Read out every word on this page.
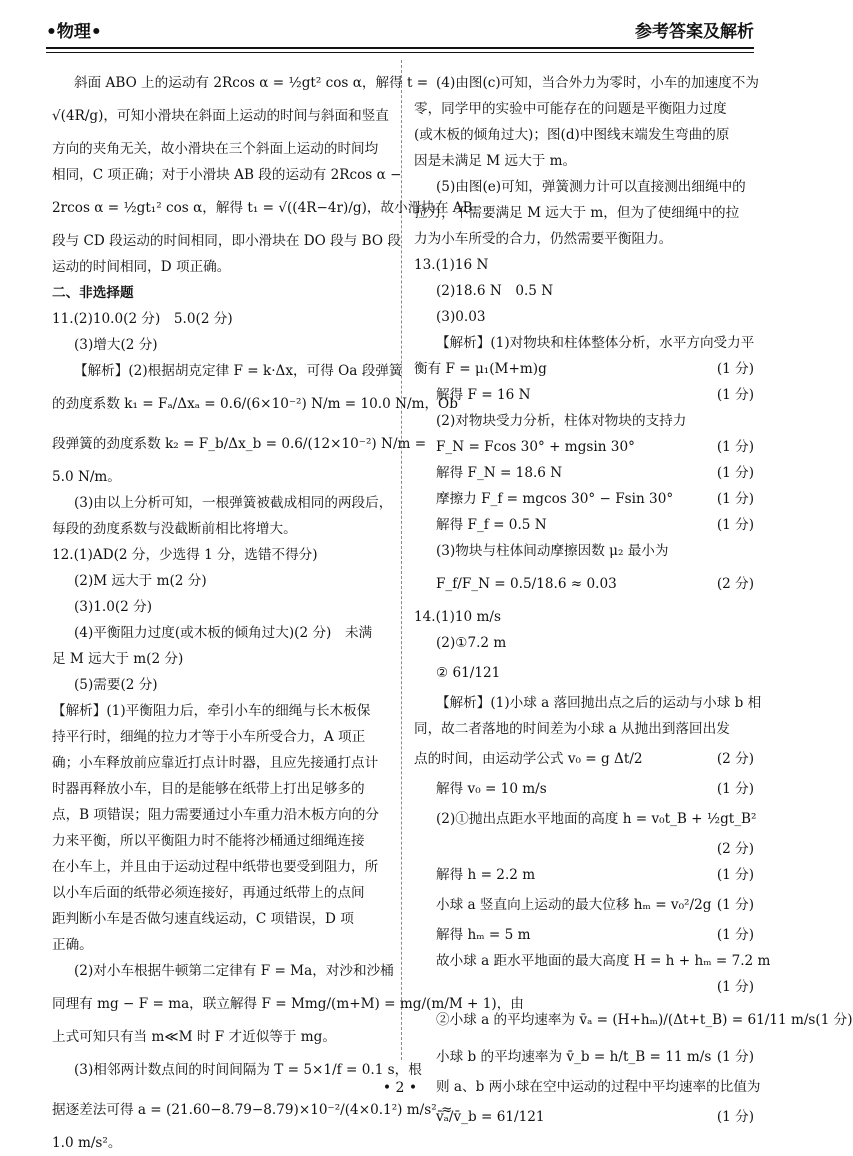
•物理•	参考答案及解析
斜面 ABO 上的运动有 2Rcos α = ½gt² cos α，解得 t =
√(4R/g)，可知小滑块在斜面上运动的时间与斜面和竖直
方向的夹角无关，故小滑块在三个斜面上运动的时间均
相同，C 项正确；对于小滑块 AB 段的运动有 2Rcos α −
2rcos α = ½gt₁² cos α，解得 t₁ = √((4R−4r)/g)，故小滑块在 AB
段与 CD 段运动的时间相同，即小滑块在 DO 段与 BO 段
运动的时间相同，D 项正确。
二、非选择题
11.(2)10.0(2 分)　5.0(2 分)
(3)增大(2 分)
【解析】(2)根据胡克定律 F = k·Δx，可得 Oa 段弹簧
的劲度系数 k₁ = Fₐ/Δxₐ = 0.6/(6×10⁻²) N/m = 10.0 N/m，Ob
段弹簧的劲度系数 k₂ = F_b/Δx_b = 0.6/(12×10⁻²) N/m =
5.0 N/m。
(3)由以上分析可知，一根弹簧被截成相同的两段后，
每段的劲度系数与没截断前相比将增大。
12.(1)AD(2 分，少选得 1 分，选错不得分)
(2)M 远大于 m(2 分)
(3)1.0(2 分)
(4)平衡阻力过度(或木板的倾角过大)(2 分)　未满
足 M 远大于 m(2 分)
(5)需要(2 分)
【解析】(1)平衡阻力后，牵引小车的细绳与长木板保
持平行时，细绳的拉力才等于小车所受合力，A 项正
确；小车释放前应靠近打点计时器，且应先接通打点计
时器再释放小车，目的是能够在纸带上打出足够多的
点，B 项错误；阻力需要通过小车重力沿木板方向的分
力来平衡，所以平衡阻力时不能将沙桶通过细绳连接
在小车上，并且由于运动过程中纸带也要受到阻力，所
以小车后面的纸带必须连接好，再通过纸带上的点间
距判断小车是否做匀速直线运动，C 项错误，D 项
正确。
(2)对小车根据牛顿第二定律有 F = Ma，对沙和沙桶
同理有 mg − F = ma，联立解得 F = Mmg/(m+M) = mg/(m/M + 1)，由
上式可知只有当 m≪M 时 F 才近似等于 mg。
(3)相邻两计数点间的时间间隔为 T = 5×1/f = 0.1 s，根
据逐差法可得 a = (21.60−8.79−8.79)×10⁻²/(4×0.1²) m/s² ≈
1.0 m/s²。
(4)由图(c)可知，当合外力为零时，小车的加速度不为
零，同学甲的实验中可能存在的问题是平衡阻力过度
(或木板的倾角过大)；图(d)中图线末端发生弯曲的原
因是未满足 M 远大于 m。
(5)由图(e)可知，弹簧测力计可以直接测出细绳中的
拉力，不需要满足 M 远大于 m，但为了使细绳中的拉
力为小车所受的合力，仍然需要平衡阻力。
13.(1)16 N
(2)18.6 N　0.5 N
(3)0.03
【解析】(1)对物块和柱体整体分析，水平方向受力平
衡有 F = μ₁(M+m)g	(1 分)
解得 F = 16 N	(1 分)
(2)对物块受力分析，柱体对物块的支持力
F_N = Fcos 30° + mgsin 30°	(1 分)
解得 F_N = 18.6 N	(1 分)
摩擦力 F_f = mgcos 30° − Fsin 30°	(1 分)
解得 F_f = 0.5 N	(1 分)
(3)物块与柱体间动摩擦因数 μ₂ 最小为
F_f/F_N = 0.5/18.6 ≈ 0.03	(2 分)
14.(1)10 m/s
(2)①7.2 m
② 61/121
【解析】(1)小球 a 落回抛出点之后的运动与小球 b 相
同，故二者落地的时间差为小球 a 从抛出到落回出发
点的时间，由运动学公式 v₀ = g Δt/2	(2 分)
解得 v₀ = 10 m/s	(1 分)
(2)①抛出点距水平地面的高度 h = v₀t_B + ½gt_B²
(2 分)
解得 h = 2.2 m	(1 分)
小球 a 竖直向上运动的最大位移 hₘ = v₀²/2g (1 分)
解得 hₘ = 5 m	(1 分)
故小球 a 距水平地面的最大高度 H = h + hₘ = 7.2 m
(1 分)
②小球 a 的平均速率为 v̄ₐ = (H+hₘ)/(Δt+t_B) = 61/11 m/s (1 分)
小球 b 的平均速率为 v̄_b = h/t_B = 11 m/s (1 分)
则 a、b 两小球在空中运动的过程中平均速率的比值为
v̄ₐ/v̄_b = 61/121	(1 分)
• 2 •
